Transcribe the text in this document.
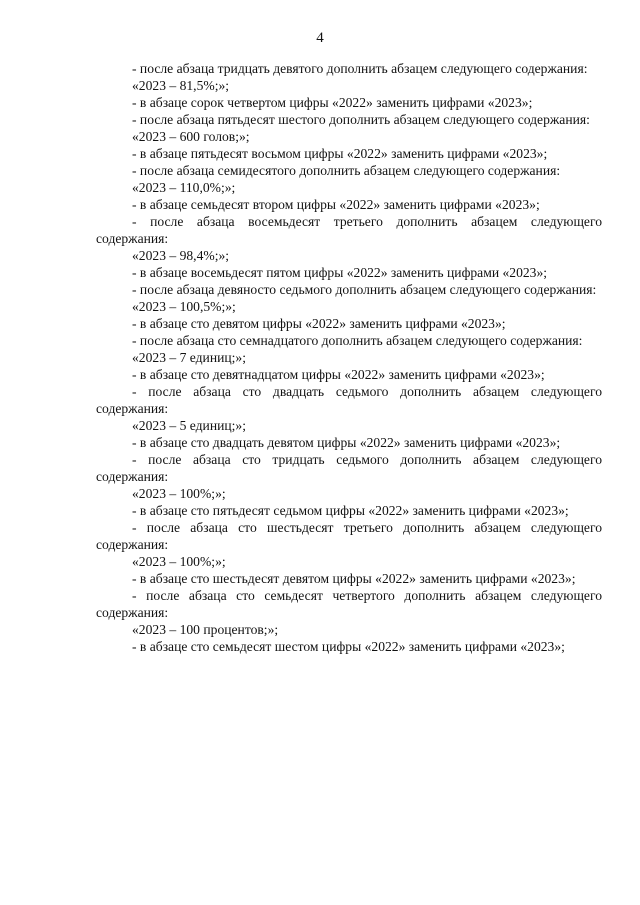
4

- после абзаца тридцать девятого дополнить абзацем следующего содержания:

«2023 – 81,5%;»;

- в абзаце сорок четвертом цифры «2022» заменить цифрами «2023»;

- после абзаца пятьдесят шестого дополнить абзацем следующего содержания:

«2023 – 600 голов;»;

- в абзаце пятьдесят восьмом цифры «2022» заменить цифрами «2023»;

- после абзаца семидесятого дополнить абзацем следующего содержания:

«2023 – 110,0%;»;

- в абзаце семьдесят втором цифры «2022» заменить цифрами «2023»;

- после абзаца восемьдесят третьего дополнить абзацем следующего содержания:

«2023 – 98,4%;»;

- в абзаце восемьдесят пятом цифры «2022» заменить цифрами «2023»;

- после абзаца девяносто седьмого дополнить абзацем следующего содержания:

«2023 – 100,5%;»;

- в абзаце сто девятом цифры «2022» заменить цифрами «2023»;

- после абзаца сто семнадцатого дополнить абзацем следующего содержания:

«2023 – 7 единиц;»;

- в абзаце сто девятнадцатом цифры «2022» заменить цифрами «2023»;

- после абзаца сто двадцать седьмого дополнить абзацем следующего содержания:

«2023 – 5 единиц;»;

- в абзаце сто двадцать девятом цифры «2022» заменить цифрами «2023»;

- после абзаца сто тридцать седьмого дополнить абзацем следующего содержания:

«2023 – 100%;»;

- в абзаце сто пятьдесят седьмом цифры «2022» заменить цифрами «2023»;

- после абзаца сто шестьдесят третьего дополнить абзацем следующего содержания:

«2023 – 100%;»;

- в абзаце сто шестьдесят девятом цифры «2022» заменить цифрами «2023»;

- после абзаца сто семьдесят четвертого дополнить абзацем следующего содержания:

«2023 – 100 процентов;»;

- в абзаце сто семьдесят шестом цифры «2022» заменить цифрами «2023»;
